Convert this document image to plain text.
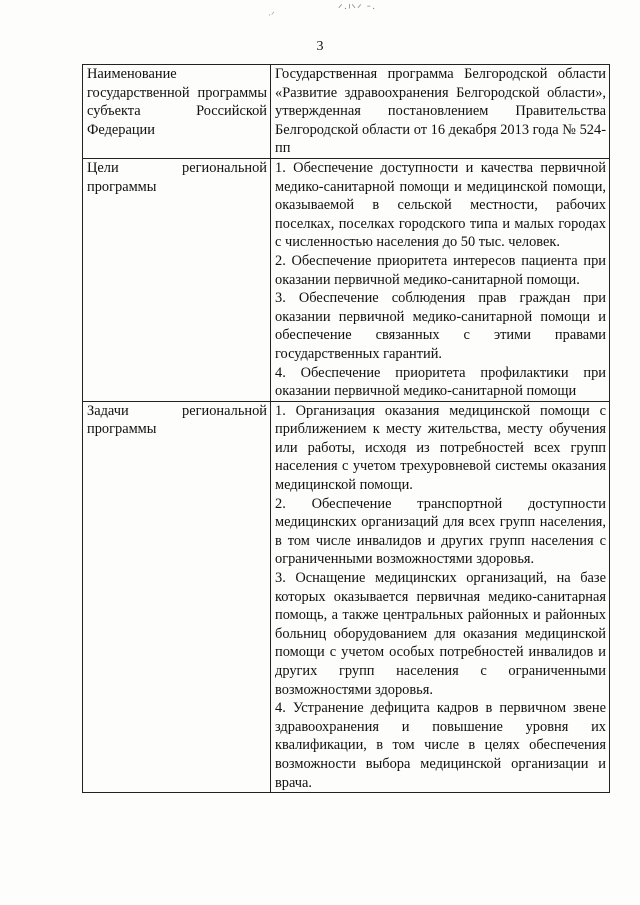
ᐟ·ᑊᐠᐟ ᐨ·
·ᐟ
3
Наименование государственной программы субъекта Российской Федерации	Государственная программа Белгородской области «Развитие здравоохранения Белгородской области», утвержденная постановлением Правительства Белгородской области от 16 декабря 2013 года № 524-пп

Цели региональной программы	1. Обеспечение доступности и качества первичной медико-санитарной помощи и медицинской помощи, оказываемой в сельской местности, рабочих поселках, поселках городского типа и малых городах с численностью населения до 50 тыс. человек.
2. Обеспечение приоритета интересов пациента при оказании первичной медико-санитарной помощи.
3. Обеспечение соблюдения прав граждан при оказании первичной медико-санитарной помощи и обеспечение связанных с этими правами государственных гарантий.
4. Обеспечение приоритета профилактики при оказании первичной медико-санитарной помощи

Задачи региональной программы	1. Организация оказания медицинской помощи с приближением к месту жительства, месту обучения или работы, исходя из потребностей всех групп населения с учетом трехуровневой системы оказания медицинской помощи.
2. Обеспечение транспортной доступности медицинских организаций для всех групп населения, в том числе инвалидов и других групп населения с ограниченными возможностями здоровья.
3. Оснащение медицинских организаций, на базе которых оказывается первичная медико-санитарная помощь, а также центральных районных и районных больниц оборудованием для оказания медицинской помощи с учетом особых потребностей инвалидов и других групп населения с ограниченными возможностями здоровья.
4. Устранение дефицита кадров в первичном звене здравоохранения и повышение уровня их квалификации, в том числе в целях обеспечения возможности выбора медицинской организации и врача.
